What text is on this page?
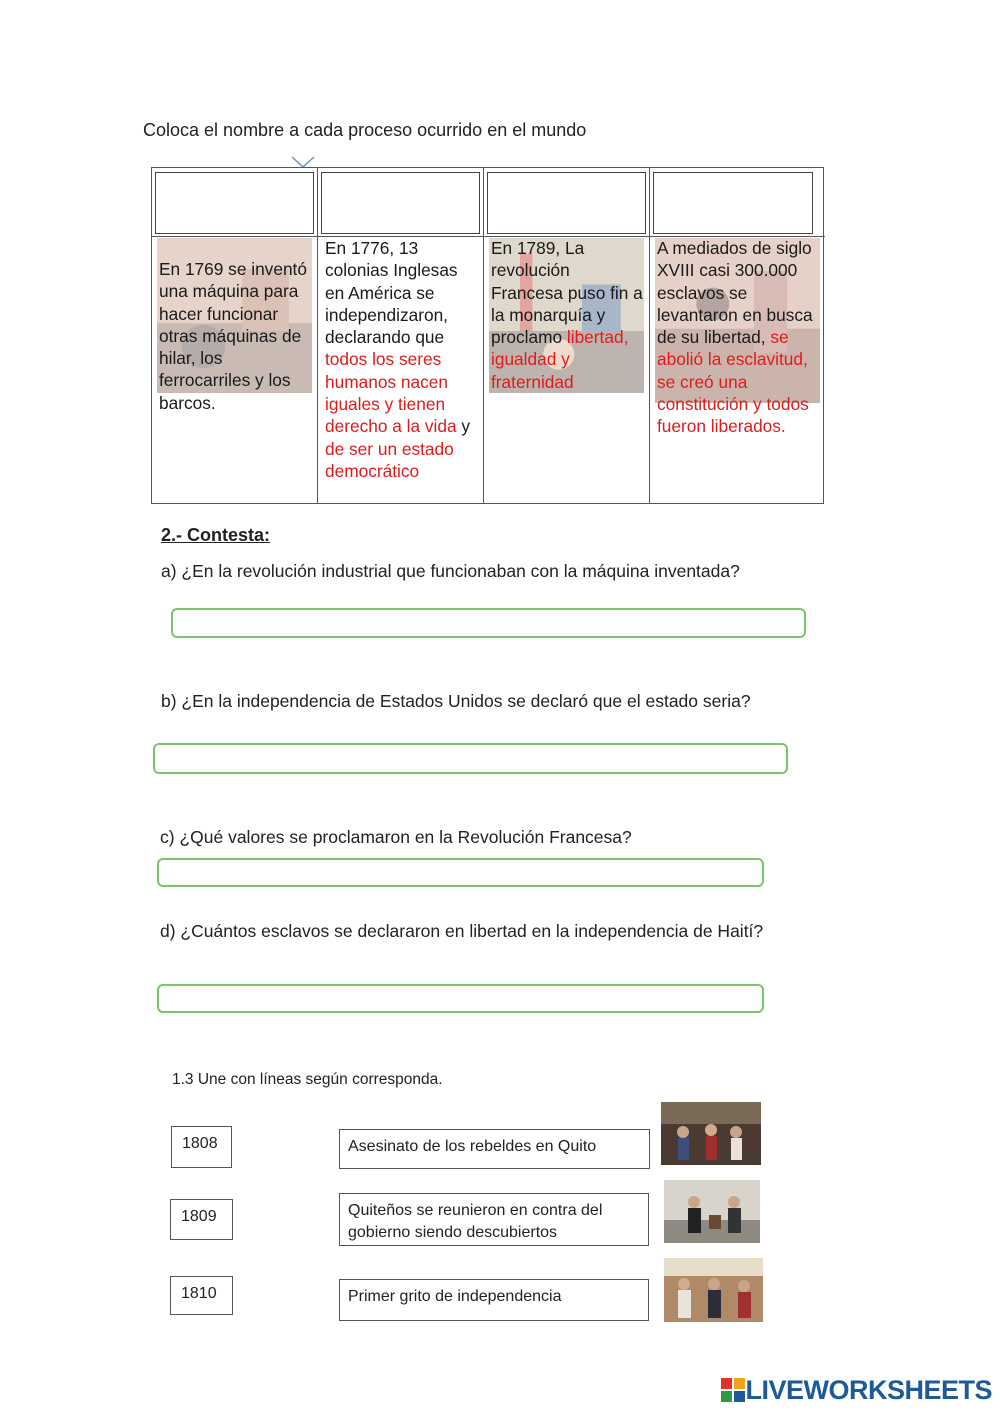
Coloca el nombre a cada proceso ocurrido en el mundo
En 1769 se inventó una máquina para hacer funcionar otras máquinas de hilar, los ferrocarriles y los barcos.
En 1776, 13 colonias Inglesas en América se independizaron, declarando que todos los seres humanos nacen iguales y tienen derecho a la vida y de ser un estado democrático
En 1789, La revolución Francesa puso fin a la monarquía y proclamo libertad, igualdad y fraternidad
A mediados de siglo XVIII casi 300.000 esclavos se levantaron en busca de su libertad, se abolió la esclavitud, se creó una constitución y todos fueron liberados.
2.- Contesta:
a) ¿En la revolución industrial que funcionaban con la máquina inventada?
b) ¿En la independencia de Estados Unidos se declaró que el estado seria?
c) ¿Qué valores se proclamaron en la Revolución Francesa?
d) ¿Cuántos esclavos se declararon en libertad en la independencia de Haití?
1.3 Une con líneas según corresponda.
1808
1809
1810
Asesinato de los rebeldes en Quito
Quiteños se reunieron en contra del gobierno siendo descubiertos
Primer grito de independencia
LIVEWORKSHEETS
